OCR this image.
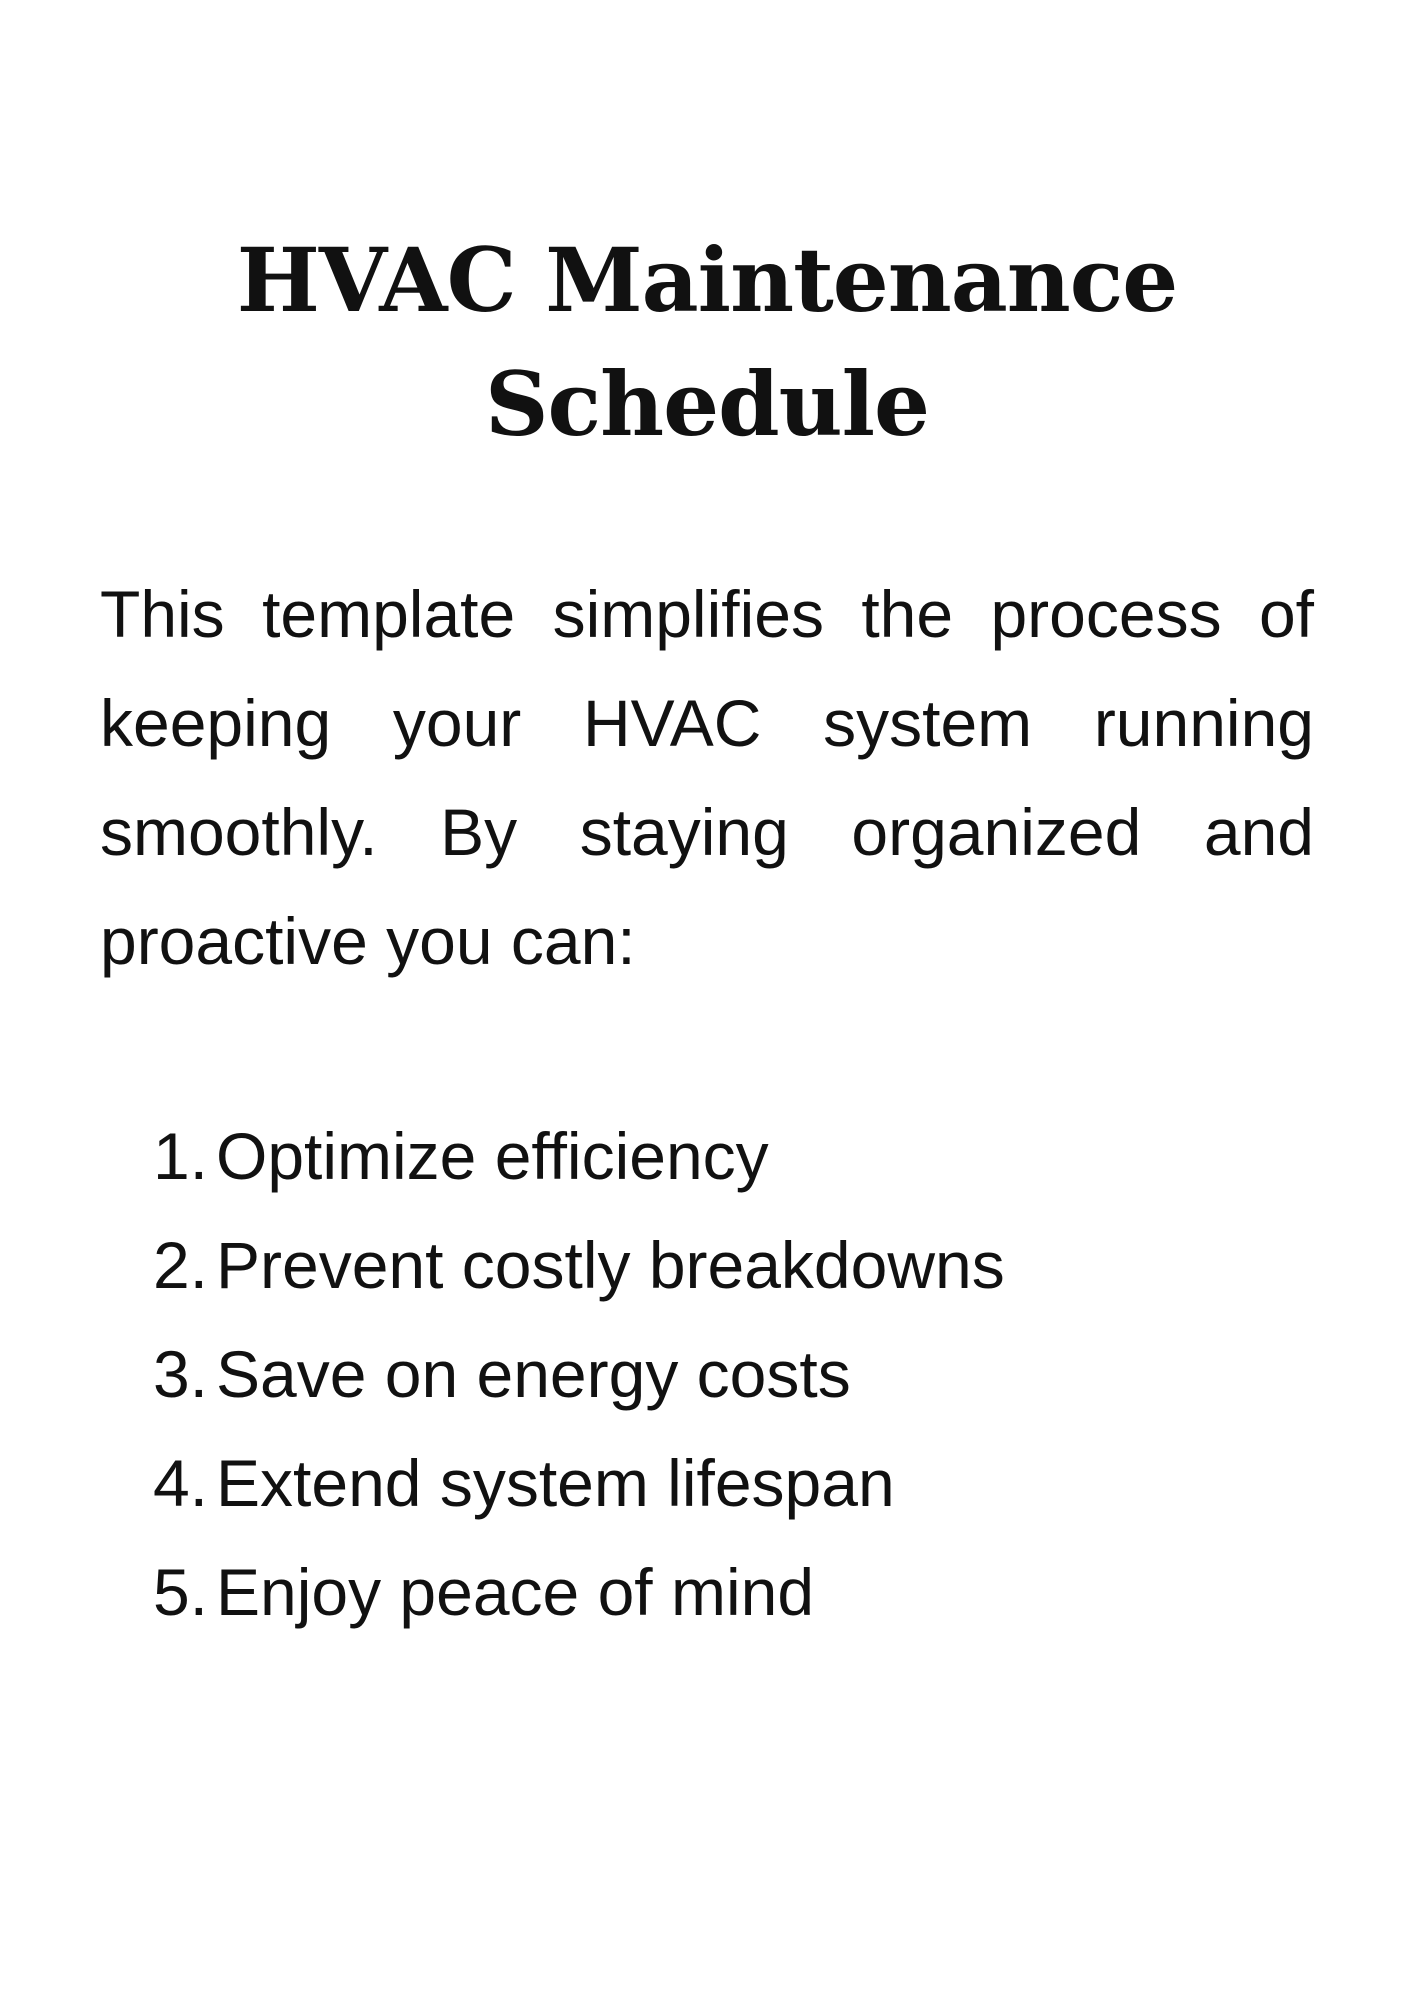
HVAC Maintenance
Schedule

This template simplifies the process of keeping your HVAC system running smoothly. By staying organized and proactive you can:

1. Optimize efficiency
2. Prevent costly breakdowns
3. Save on energy costs
4. Extend system lifespan
5. Enjoy peace of mind
